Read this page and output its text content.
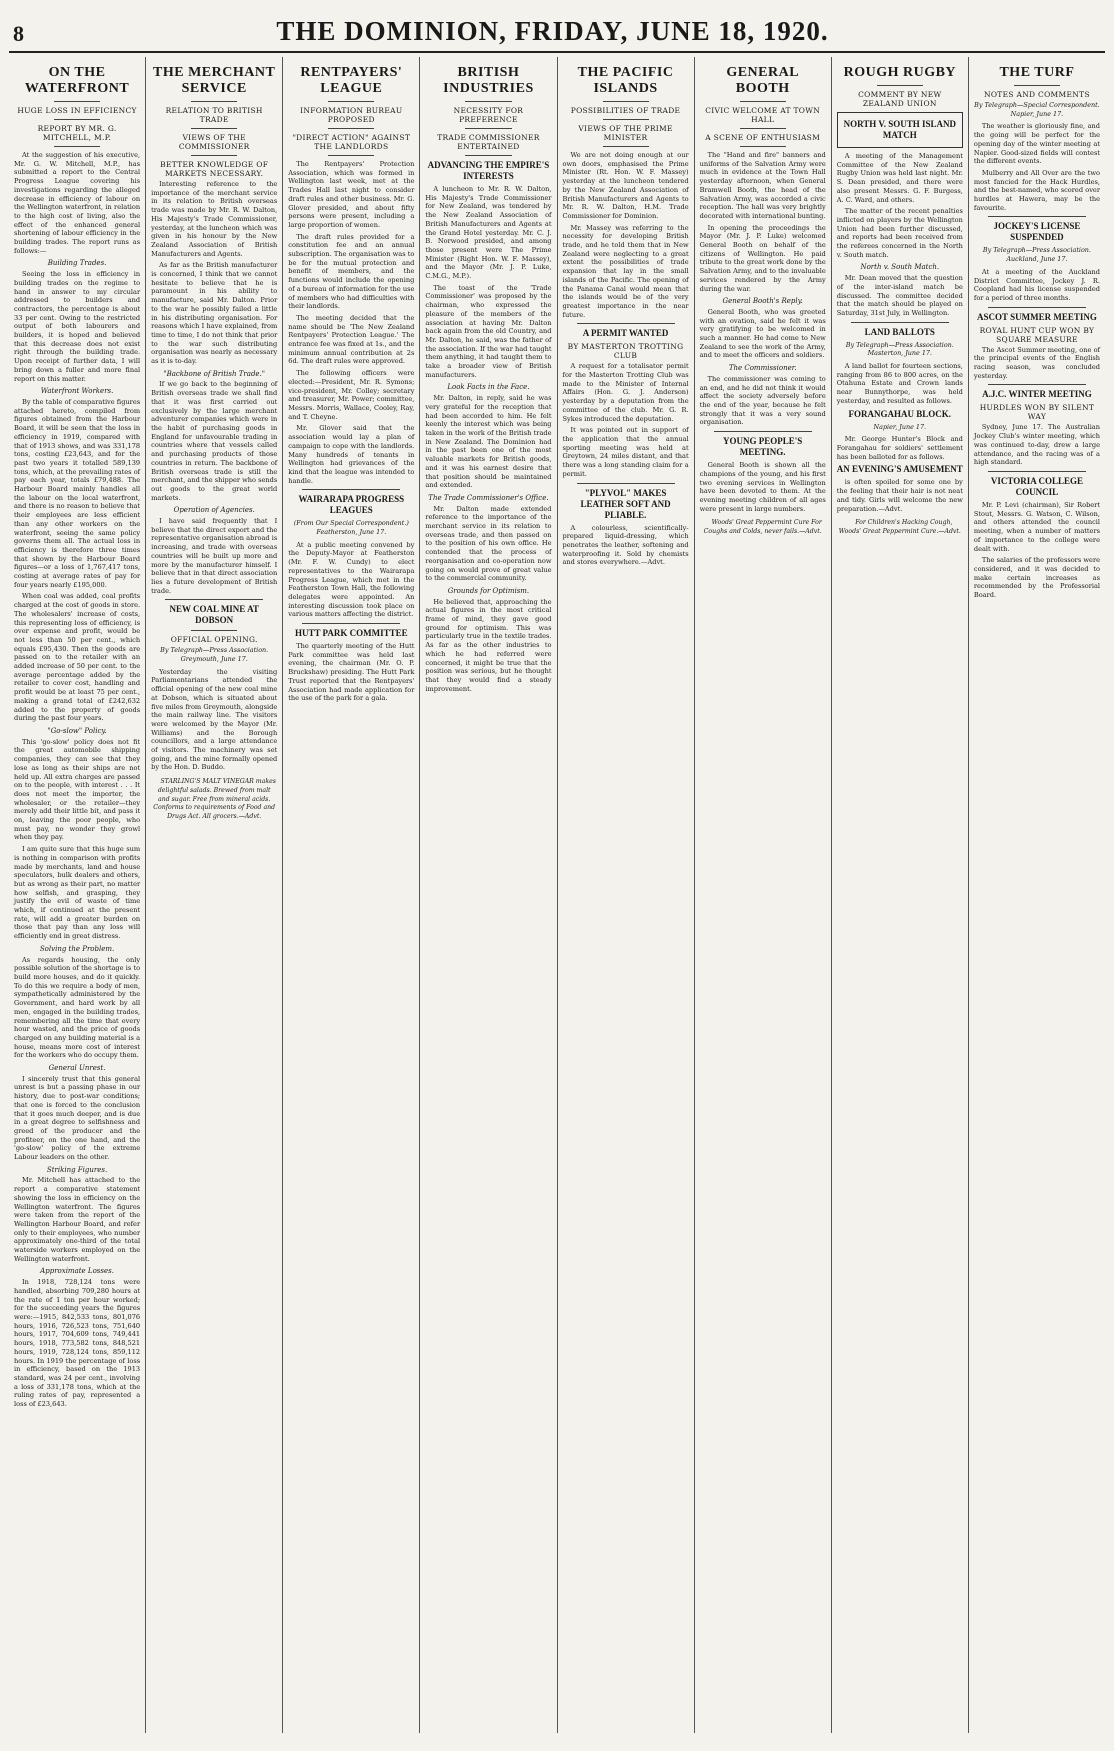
8	THE DOMINION, FRIDAY, JUNE 18, 1920.
ON THE WATERFRONT
HUGE LOSS IN EFFICIENCY
REPORT BY MR. G. MITCHELL, M.P.

At the suggestion of his executive, Mr. G. W. Mitchell, M.P., has submitted a report to the Central Progress League covering his investigations regarding the alleged decrease in efficiency of labour on the Wellington waterfront, in relation to the high cost of living, also the effect of the enhanced general shortening of labour efficiency in the building trades. The report runs as follows:—

Building Trades.

Seeing the loss in efficiency in building trades on the regime to hand in answer to my circular addressed to builders and contractors, the percentage is about 33 per cent. Owing to the restricted output of both labourers and builders, it is hoped and believed that this decrease does not exist right through the building trade. Upon receipt of further data, I will bring down a fuller and more final report on this matter.

Waterfront Workers.

By the table of comparative figures attached hereto, compiled from figures obtained from the Harbour Board, it will be seen that the loss in efficiency in 1919, compared with that of 1913 shows, and was 331,178 tons, costing £23,643, and for the past two years it totalled 589,139 tons, which, at the prevailing rates of pay each year, totals £79,488. The Harbour Board mainly handles all the labour on the local waterfront, and there is no reason to believe that their employees are less efficient than any other workers on the waterfront, seeing the same policy governs them all. The actual loss in efficiency is therefore three times that shown by the Harbour Board figures—or a loss of 1,767,417 tons, costing at average rates of pay for four years nearly £195,000.

When coal was added, coal profits charged at the cost of goods in store. The wholesalers' increase of costs, this representing loss of efficiency, is over expense and profit, would be not less than 50 per cent., which equals £95,430. Then the goods are passed on to the retailer with an added increase of 50 per cent. to the average percentage added by the retailer to cover cost, handling and profit would be at least 75 per cent., making a grand total of £242,632 added to the property of goods during the past four years.

"Go-slow" Policy.

This 'go-slow' policy does not fit the great automobile shipping companies, they can see that they lose as long as their ships are not held up. All extra charges are passed on to the people, with interest . . . It does not meet the importer, the wholesaler, or the retailer—they merely add their little bit, and pass it on, leaving the poor people, who must pay, no wonder they growl when they pay.

I am quite sure that this huge sum is nothing in comparison with profits made by merchants, land and house speculators, bulk dealers and others, but as wrong as their part, no matter how selfish, and grasping, they justify the evil of waste of time which, if continued at the present rate, will add a greater burden on those that pay than any loss will efficiently end in great distress.

Solving the Problem.

As regards housing, the only possible solution of the shortage is to build more houses, and do it quickly. To do this we require a body of men, sympathetically administered by the Government, and hard work by all men, engaged in the building trades, remembering all the time that every hour wasted, and the price of goods charged on any building material is a house, means more cost of interest for the workers who do occupy them.

General Unrest.

I sincerely trust that this general unrest is but a passing phase in our history, due to post-war conditions; that one is forced to the conclusion that it goes much deeper, and is due in a great degree to selfishness and greed of the producer and the profiteer, on the one hand, and the 'go-slow' policy of the extreme Labour leaders on the other.

Striking Figures.

Mr. Mitchell has attached to the report a comparative statement showing the loss in efficiency on the Wellington waterfront. The figures were taken from the report of the Wellington Harbour Board, and refer only to their employees, who number approximately one-third of the total waterside workers employed on the Wellington waterfront.

Approximate Losses.

In 1918, 728,124 tons were handled, absorbing 709,280 hours at the rate of 1 ton per hour worked; for the succeeding years the figures were:—1915, 842,533 tons, 801,076 hours, 1916, 726,523 tons, 751,640 hours, 1917, 704,609 tons, 749,441 hours, 1918, 773,582 tons, 848,521 hours, 1919, 728,124 tons, 859,112 hours. In 1919 the percentage of loss in efficiency, based on the 1913 standard, was 24 per cent., involving a loss of 331,178 tons, which at the ruling rates of pay, represented a loss of £23,643.

THE MERCHANT SERVICE
RELATION TO BRITISH TRADE
VIEWS OF THE COMMISSIONER
BETTER KNOWLEDGE OF MARKETS NECESSARY.

Interesting reference to the importance of the merchant service in its relation to British overseas trade was made by Mr. R. W. Dalton, His Majesty's Trade Commissioner, yesterday, at the luncheon which was given in his honour by the New Zealand Association of British Manufacturers and Agents.

As far as the British manufacturer is concerned, I think that we cannot hesitate to believe that he is paramount in his ability to manufacture, said Mr. Dalton. Prior to the war he possibly failed a little in his distributing organisation. For reasons which I have explained, from time to time, I do not think that prior to the war such distributing organisation was nearly as necessary as it is to-day.

"Backbone of British Trade."

If we go back to the beginning of British overseas trade we shall find that it was first carried out exclusively by the large merchant adventurer companies which were in the habit of purchasing goods in England for unfavourable trading in countries where that vessels called and purchasing products of those countries in return. The backbone of British overseas trade is still the merchant, and the shipper who sends out goods to the great world markets.

Operation of Agencies.

I have said frequently that I believe that the direct export and the representative organisation abroad is increasing, and trade with overseas countries will be built up more and more by the manufacturer himself. I believe that in that direct association lies a future development of British trade.

NEW COAL MINE AT DOBSON
OFFICIAL OPENING.
By Telegraph—Press Association. Greymouth, June 17.

Yesterday the visiting Parliamentarians attended the official opening of the new coal mine at Dobson, which is situated about five miles from Greymouth, alongside the main railway line. The visitors were welcomed by the Mayor (Mr. Williams) and the Borough councillors, and a large attendance of visitors. The machinery was set going, and the mine formally opened by the Hon. D. Buddo.

STARLING'S MALT VINEGAR makes delightful salads. Brewed from malt and sugar. Free from mineral acids. Conforms to requirements of Food and Drugs Act. All grocers.—Advt.

RENTPAYERS' LEAGUE
INFORMATION BUREAU PROPOSED
"DIRECT ACTION" AGAINST THE LANDLORDS

The Rentpayers' Protection Association, which was formed in Wellington last week, met at the Trades Hall last night to consider draft rules and other business. Mr. G. Glover presided, and about fifty persons were present, including a large proportion of women.

The draft rules provided for a constitution fee and an annual subscription. The organisation was to be for the mutual protection and benefit of members, and the functions would include the opening of a bureau of information for the use of members who had difficulties with their landlords.

The meeting decided that the name should be 'The New Zealand Rentpayers' Protection League.' The entrance fee was fixed at 1s., and the minimum annual contribution at 2s 6d. The draft rules were approved.

The following officers were elected:—President, Mr. R. Symons; vice-president, Mr. Colley; secretary and treasurer, Mr. Power; committee, Messrs. Morris, Wallace, Cooley, Ray, and T. Cheyne.

Mr. Glover said that the association would lay a plan of campaign to cope with the landlords. Many hundreds of tenants in Wellington had grievances of the kind that the league was intended to handle.

WAIRARAPA PROGRESS LEAGUES
(From Our Special Correspondent.) Featherston, June 17.

At a public meeting convened by the Deputy-Mayor at Featherston (Mr. F. W. Cundy) to elect representatives to the Wairarapa Progress League, which met in the Featherston Town Hall, the following delegates were appointed. An interesting discussion took place on various matters affecting the district.

HUTT PARK COMMITTEE

The quarterly meeting of the Hutt Park committee was held last evening, the chairman (Mr. O. P. Bruckshaw) presiding. The Hutt Park Trust reported that the Rentpayers' Association had made application for the use of the park for a gala.

BRITISH INDUSTRIES
NECESSITY FOR PREFERENCE
TRADE COMMISSIONER ENTERTAINED
ADVANCING THE EMPIRE'S INTERESTS

A luncheon to Mr. R. W. Dalton, His Majesty's Trade Commissioner for New Zealand, was tendered by the New Zealand Association of British Manufacturers and Agents at the Grand Hotel yesterday. Mr. C. J. B. Norwood presided, and among those present were The Prime Minister (Right Hon. W. F. Massey), and the Mayor (Mr. J. P. Luke, C.M.G., M.P.).

The toast of the 'Trade Commissioner' was proposed by the chairman, who expressed the pleasure of the members of the association at having Mr. Dalton back again from the old Country, and Mr. Dalton, he said, was the father of the association. If the war had taught them anything, it had taught them to take a broader view of British manufacturers.

Look Facts in the Face.

Mr. Dalton, in reply, said he was very grateful for the reception that had been accorded to him. He felt keenly the interest which was being taken in the work of the British trade in New Zealand. The Dominion had in the past been one of the most valuable markets for British goods, and it was his earnest desire that that position should be maintained and extended.

The Trade Commissioner's Office.

Mr. Dalton made extended reference to the importance of the merchant service in its relation to overseas trade, and then passed on to the position of his own office. He contended that the process of reorganisation and co-operation now going on would prove of great value to the commercial community.

Grounds for Optimism.

He believed that, approaching the actual figures in the most critical frame of mind, they gave good ground for optimism. This was particularly true in the textile trades. As far as the other industries to which he had referred were concerned, it might be true that the position was serious, but he thought that they would find a steady improvement.

THE PACIFIC ISLANDS
POSSIBILITIES OF TRADE
VIEWS OF THE PRIME MINISTER

We are not doing enough at our own doors, emphasised the Prime Minister (Rt. Hon. W. F. Massey) yesterday at the luncheon tendered by the New Zealand Association of British Manufacturers and Agents to Mr. R. W. Dalton, H.M. Trade Commissioner for Dominion.

Mr. Massey was referring to the necessity for developing British trade, and he told them that in New Zealand were neglecting to a great extent the possibilities of trade expansion that lay in the small islands of the Pacific. The opening of the Panama Canal would mean that the islands would be of the very greatest importance in the near future.

A PERMIT WANTED
BY MASTERTON TROTTING CLUB

A request for a totalisator permit for the Masterton Trotting Club was made to the Minister of Internal Affairs (Hon. G. J. Anderson) yesterday by a deputation from the committee of the club. Mr. G. R. Sykes introduced the deputation.

It was pointed out in support of the application that the annual sporting meeting was held at Greytown, 24 miles distant, and that there was a long standing claim for a permit.

"PLYVOL" MAKES LEATHER SOFT AND PLIABLE.

A colourless, scientifically-prepared liquid-dressing, which penetrates the leather, softening and waterproofing it. Sold by chemists and stores everywhere.—Advt.

GENERAL BOOTH
CIVIC WELCOME AT TOWN HALL
A SCENE OF ENTHUSIASM

The "Hand and fire" banners and uniforms of the Salvation Army were much in evidence at the Town Hall yesterday afternoon, when General Bramwell Booth, the head of the Salvation Army, was accorded a civic reception. The hall was very brightly decorated with international bunting.

In opening the proceedings the Mayor (Mr. J. P. Luke) welcomed General Booth on behalf of the citizens of Wellington. He paid tribute to the great work done by the Salvation Army, and to the invaluable services rendered by the Army during the war.

General Booth's Reply.

General Booth, who was greeted with an ovation, said he felt it was very gratifying to be welcomed in such a manner. He had come to New Zealand to see the work of the Army, and to meet the officers and soldiers.

The Commissioner.

The commissioner was coming to an end, and he did not think it would affect the society adversely before the end of the year, because he felt strongly that it was a very sound organisation.

YOUNG PEOPLE'S MEETING.

General Booth is shown all the champions of the young, and his first two evening services in Wellington have been devoted to them. At the evening meeting children of all ages were present in large numbers.

Woods' Great Peppermint Cure For Coughs and Colds, never fails.—Advt.

ROUGH RUGBY
COMMENT BY NEW ZEALAND UNION
NORTH V. SOUTH ISLAND MATCH

A meeting of the Management Committee of the New Zealand Rugby Union was held last night. Mr. S. Dean presided, and there were also present Messrs. G. F. Burgess, A. C. Ward, and others.

The matter of the recent penalties inflicted on players by the Wellington Union had been further discussed, and reports had been received from the referees concerned in the North v. South match.

North v. South Match.

Mr. Dean moved that the question of the inter-island match be discussed. The committee decided that the match should be played on Saturday, 31st July, in Wellington.

LAND BALLOTS
By Telegraph—Press Association. Masterton, June 17.

A land ballot for fourteen sections, ranging from 86 to 800 acres, on the Otahuna Estate and Crown lands near Bunnythorpe, was held yesterday, and resulted as follows.

FORANGAHAU BLOCK.
Napier, June 17.

Mr. George Hunter's Block and Forangahau for soldiers' settlement has been balloted for as follows.

AN EVENING'S AMUSEMENT

is often spoiled for some one by the feeling that their hair is not neat and tidy. Girls will welcome the new preparation.—Advt.

For Children's Hacking Cough, Woods' Great Peppermint Cure.—Advt.

THE TURF
NOTES AND COMMENTS
By Telegraph—Special Correspondent. Napier, June 17.

The weather is gloriously fine, and the going will be perfect for the opening day of the winter meeting at Napier. Good-sized fields will contest the different events.

Mulberry and All Over are the two most fancied for the Hack Hurdles, and the best-named, who scored over hurdles at Hawera, may be the favourite.

JOCKEY'S LICENSE SUSPENDED
By Telegraph—Press Association. Auckland, June 17.

At a meeting of the Auckland District Committee, Jockey J. R. Coopland had his license suspended for a period of three months.

ASCOT SUMMER MEETING
ROYAL HUNT CUP WON BY SQUARE MEASURE

The Ascot Summer meeting, one of the principal events of the English racing season, was concluded yesterday.

A.J.C. WINTER MEETING
HURDLES WON BY SILENT WAY

Sydney, June 17. The Australian Jockey Club's winter meeting, which was continued to-day, drew a large attendance, and the racing was of a high standard.

VICTORIA COLLEGE COUNCIL

Mr. P. Levi (chairman), Sir Robert Stout, Messrs. G. Watson, C. Wilson, and others attended the council meeting, when a number of matters of importance to the college were dealt with.

The salaries of the professors were considered, and it was decided to make certain increases as recommended by the Professorial Board.
